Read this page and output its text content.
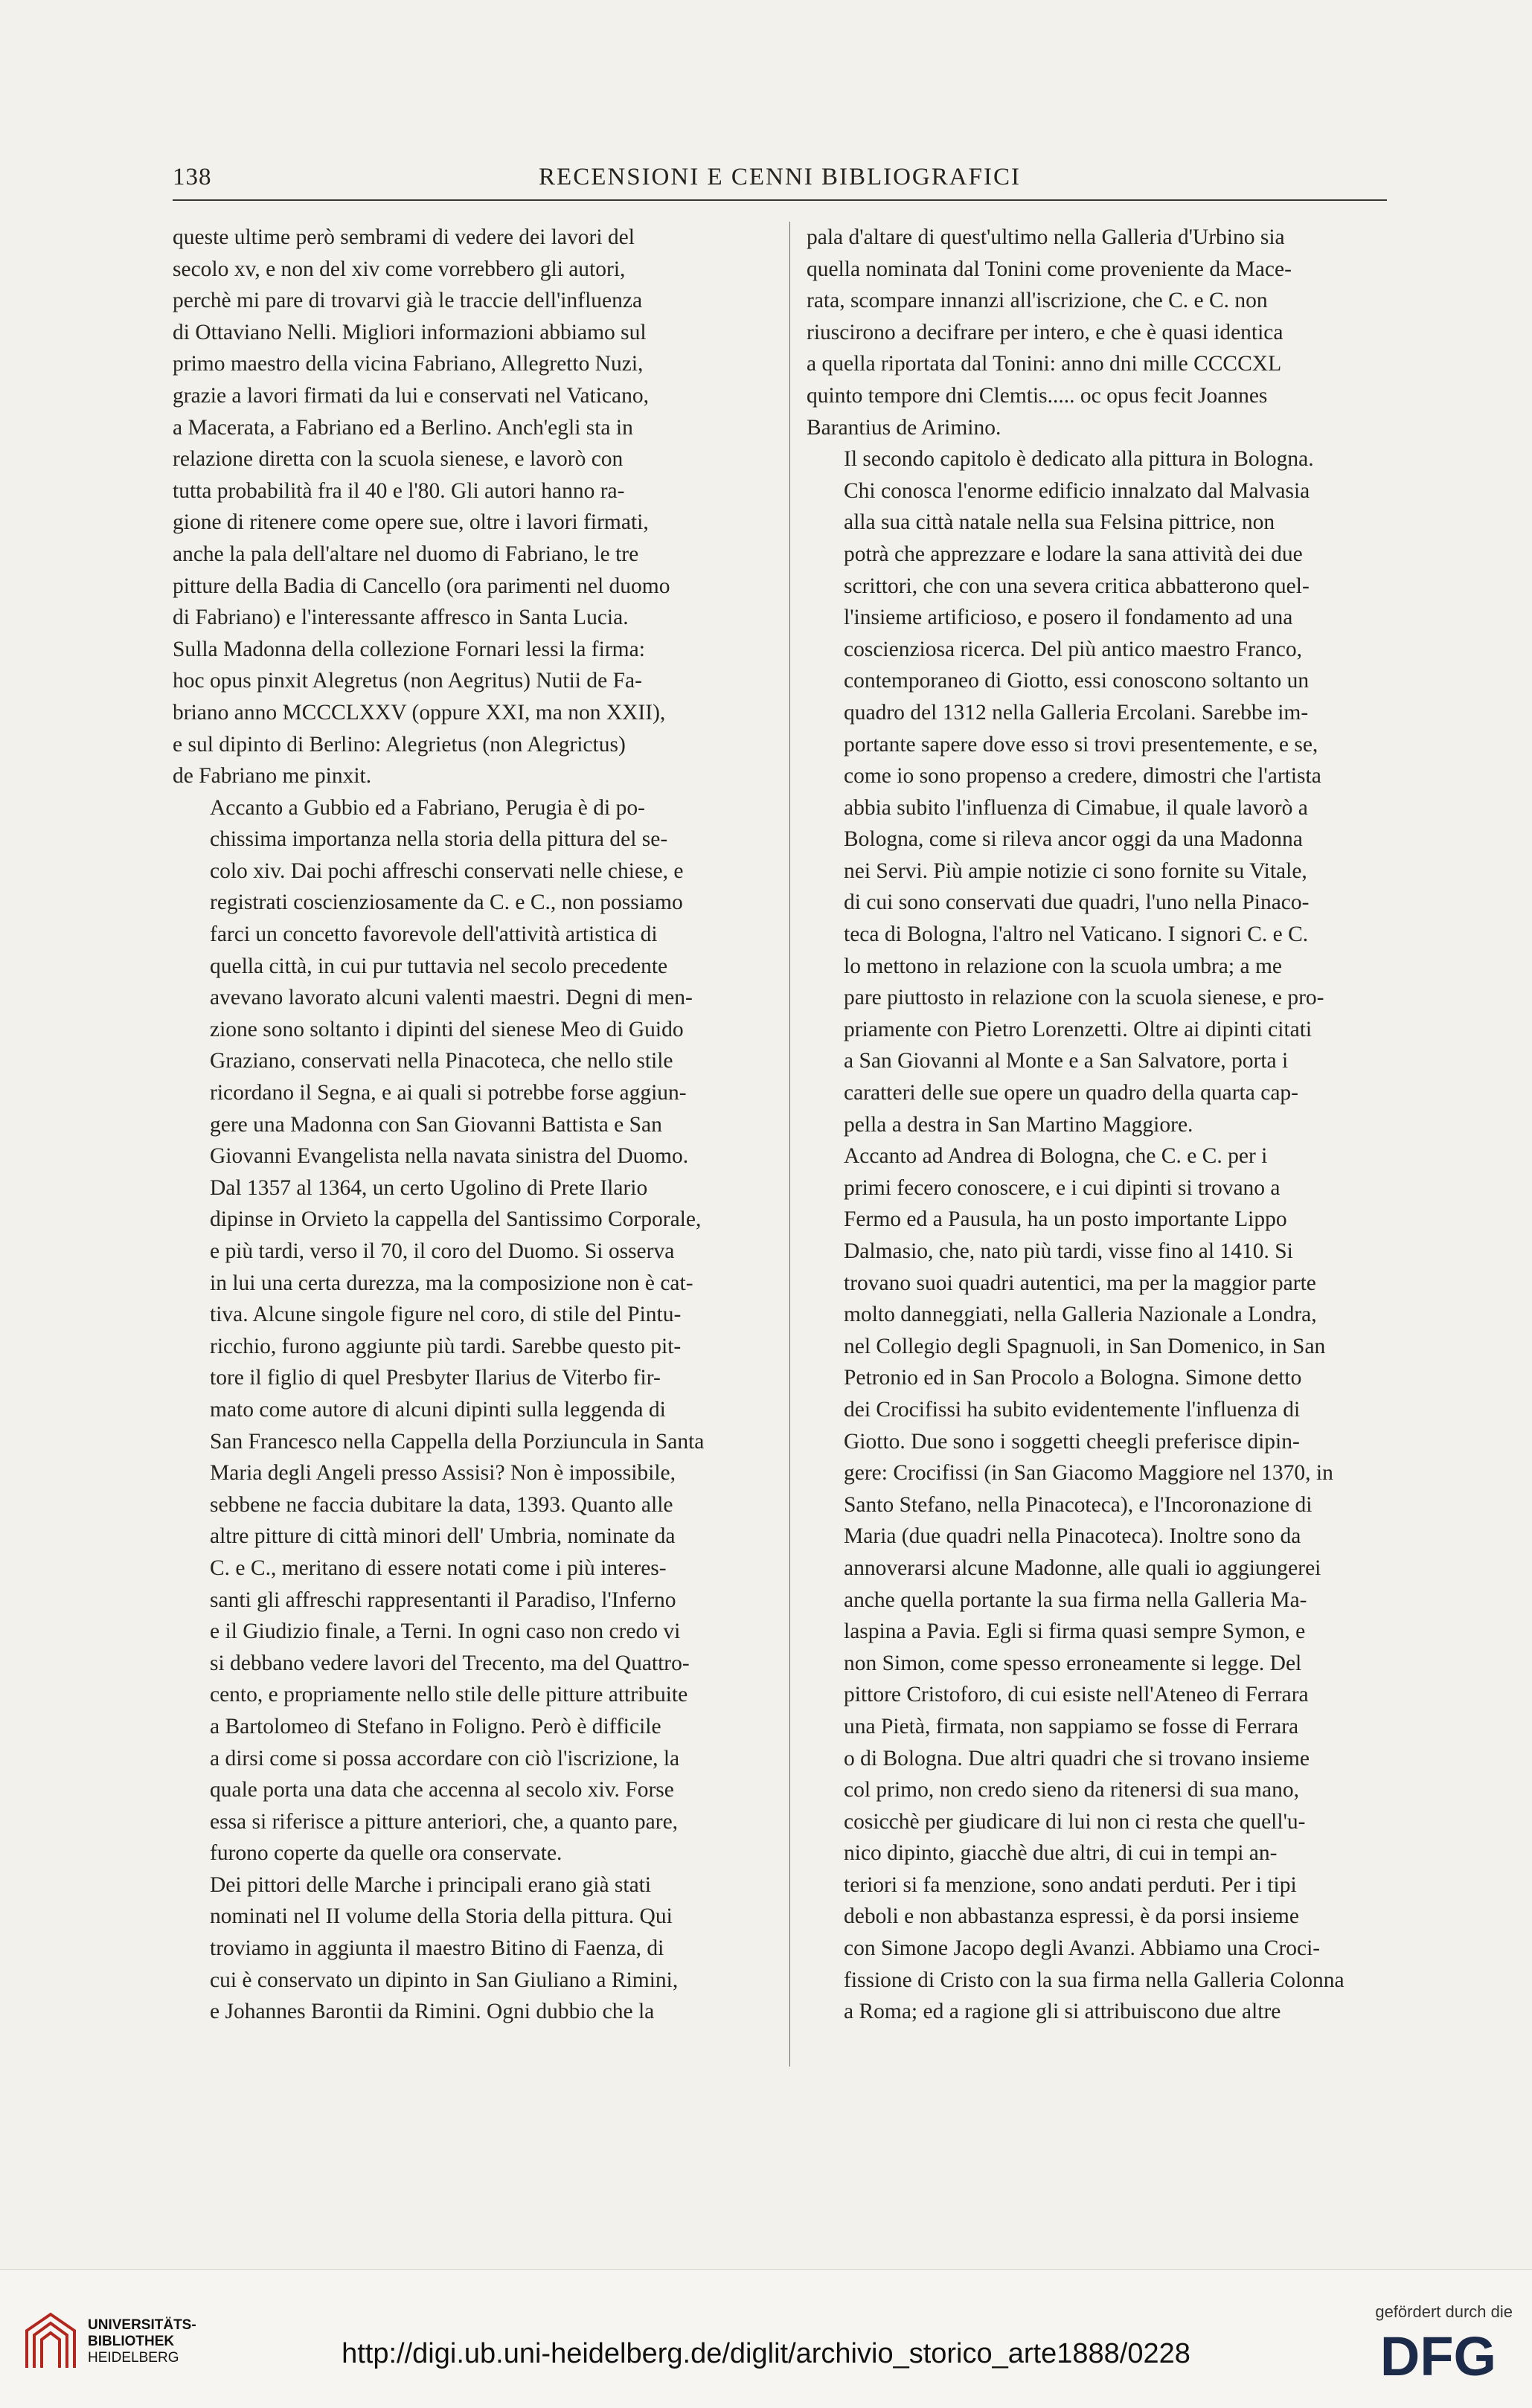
138	RECENSIONI E CENNI BIBLIOGRAFICI

queste ultime però sembrami di vedere dei lavori del
secolo xv, e non del xiv come vorrebbero gli autori,
perchè mi pare di trovarvi già le traccie dell'influenza
di Ottaviano Nelli. Migliori informazioni abbiamo sul
primo maestro della vicina Fabriano, Allegretto Nuzi,
grazie a lavori firmati da lui e conservati nel Vaticano,
a Macerata, a Fabriano ed a Berlino. Anch'egli sta in
relazione diretta con la scuola sienese, e lavorò con
tutta probabilità fra il 40 e l'80. Gli autori hanno ra-
gione di ritenere come opere sue, oltre i lavori firmati,
anche la pala dell'altare nel duomo di Fabriano, le tre
pitture della Badia di Cancello (ora parimenti nel duomo
di Fabriano) e l'interessante affresco in Santa Lucia.
Sulla Madonna della collezione Fornari lessi la firma:
hoc opus pinxit Alegretus (non Aegritus) Nutii de Fa-
briano anno MCCCLXXV (oppure XXI, ma non XXII),
e sul dipinto di Berlino: Alegrietus (non Alegrictus)
de Fabriano me pinxit.

Accanto a Gubbio ed a Fabriano, Perugia è di po-
chissima importanza nella storia della pittura del se-
colo xiv. Dai pochi affreschi conservati nelle chiese, e
registrati coscienziosamente da C. e C., non possiamo
farci un concetto favorevole dell'attività artistica di
quella città, in cui pur tuttavia nel secolo precedente
avevano lavorato alcuni valenti maestri. Degni di men-
zione sono soltanto i dipinti del sienese Meo di Guido
Graziano, conservati nella Pinacoteca, che nello stile
ricordano il Segna, e ai quali si potrebbe forse aggiun-
gere una Madonna con San Giovanni Battista e San
Giovanni Evangelista nella navata sinistra del Duomo.

Dal 1357 al 1364, un certo Ugolino di Prete Ilario
dipinse in Orvieto la cappella del Santissimo Corporale,
e più tardi, verso il 70, il coro del Duomo. Si osserva
in lui una certa durezza, ma la composizione non è cat-
tiva. Alcune singole figure nel coro, di stile del Pintu-
ricchio, furono aggiunte più tardi. Sarebbe questo pit-
tore il figlio di quel Presbyter Ilarius de Viterbo fir-
mato come autore di alcuni dipinti sulla leggenda di
San Francesco nella Cappella della Porziuncula in Santa
Maria degli Angeli presso Assisi? Non è impossibile,
sebbene ne faccia dubitare la data, 1393. Quanto alle
altre pitture di città minori dell' Umbria, nominate da
C. e C., meritano di essere notati come i più interes-
santi gli affreschi rappresentanti il Paradiso, l'Inferno
e il Giudizio finale, a Terni. In ogni caso non credo vi
si debbano vedere lavori del Trecento, ma del Quattro-
cento, e propriamente nello stile delle pitture attribuite
a Bartolomeo di Stefano in Foligno. Però è difficile
a dirsi come si possa accordare con ciò l'iscrizione, la
quale porta una data che accenna al secolo xiv. Forse
essa si riferisce a pitture anteriori, che, a quanto pare,
furono coperte da quelle ora conservate.

Dei pittori delle Marche i principali erano già stati
nominati nel II volume della Storia della pittura. Qui
troviamo in aggiunta il maestro Bitino di Faenza, di
cui è conservato un dipinto in San Giuliano a Rimini,
e Johannes Barontii da Rimini. Ogni dubbio che la

pala d'altare di quest'ultimo nella Galleria d'Urbino sia
quella nominata dal Tonini come proveniente da Mace-
rata, scompare innanzi all'iscrizione, che C. e C. non
riuscirono a decifrare per intero, e che è quasi identica
a quella riportata dal Tonini: anno dni mille CCCCXL
quinto tempore dni Clemtis..... oc opus fecit Joannes
Barantius de Arimino.

Il secondo capitolo è dedicato alla pittura in Bologna.
Chi conosca l'enorme edificio innalzato dal Malvasia
alla sua città natale nella sua Felsina pittrice, non
potrà che apprezzare e lodare la sana attività dei due
scrittori, che con una severa critica abbatterono quel-
l'insieme artificioso, e posero il fondamento ad una
coscienziosa ricerca. Del più antico maestro Franco,
contemporaneo di Giotto, essi conoscono soltanto un
quadro del 1312 nella Galleria Ercolani. Sarebbe im-
portante sapere dove esso si trovi presentemente, e se,
come io sono propenso a credere, dimostri che l'artista
abbia subito l'influenza di Cimabue, il quale lavorò a
Bologna, come si rileva ancor oggi da una Madonna
nei Servi. Più ampie notizie ci sono fornite su Vitale,
di cui sono conservati due quadri, l'uno nella Pinaco-
teca di Bologna, l'altro nel Vaticano. I signori C. e C.
lo mettono in relazione con la scuola umbra; a me
pare piuttosto in relazione con la scuola sienese, e pro-
priamente con Pietro Lorenzetti. Oltre ai dipinti citati
a San Giovanni al Monte e a San Salvatore, porta i
caratteri delle sue opere un quadro della quarta cap-
pella a destra in San Martino Maggiore.

Accanto ad Andrea di Bologna, che C. e C. per i
primi fecero conoscere, e i cui dipinti si trovano a
Fermo ed a Pausula, ha un posto importante Lippo
Dalmasio, che, nato più tardi, visse fino al 1410. Si
trovano suoi quadri autentici, ma per la maggior parte
molto danneggiati, nella Galleria Nazionale a Londra,
nel Collegio degli Spagnuoli, in San Domenico, in San
Petronio ed in San Procolo a Bologna. Simone detto
dei Crocifissi ha subito evidentemente l'influenza di
Giotto. Due sono i soggetti cheegli preferisce dipin-
gere: Crocifissi (in San Giacomo Maggiore nel 1370, in
Santo Stefano, nella Pinacoteca), e l'Incoronazione di
Maria (due quadri nella Pinacoteca). Inoltre sono da
annoverarsi alcune Madonne, alle quali io aggiungerei
anche quella portante la sua firma nella Galleria Ma-
laspina a Pavia. Egli si firma quasi sempre Symon, e
non Simon, come spesso erroneamente si legge. Del
pittore Cristoforo, di cui esiste nell'Ateneo di Ferrara
una Pietà, firmata, non sappiamo se fosse di Ferrara
o di Bologna. Due altri quadri che si trovano insieme
col primo, non credo sieno da ritenersi di sua mano,
cosicchè per giudicare di lui non ci resta che quell'u-
nico dipinto, giacchè due altri, di cui in tempi an-
teriori si fa menzione, sono andati perduti. Per i tipi
deboli e non abbastanza espressi, è da porsi insieme
con Simone Jacopo degli Avanzi. Abbiamo una Croci-
fissione di Cristo con la sua firma nella Galleria Colonna
a Roma; ed a ragione gli si attribuiscono due altre

UNIVERSITÄTS-
BIBLIOTHEK
HEIDELBERG	http://digi.ub.uni-heidelberg.de/diglit/archivio_storico_arte1888/0228
gefördert durch die
DFG
